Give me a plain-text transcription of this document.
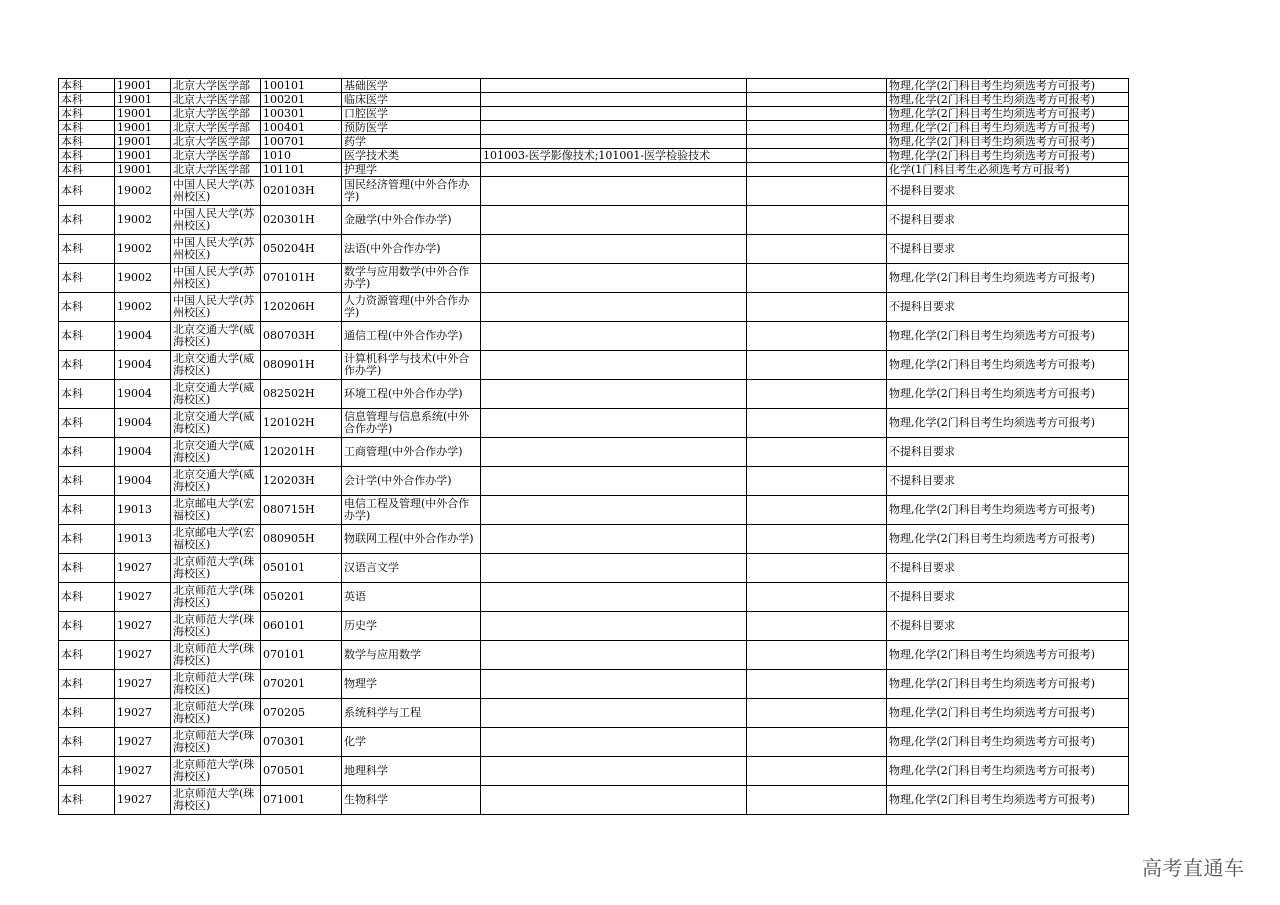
本科	19001	北京大学医学部	100101	基础医学			物理,化学(2门科目考生均须选考方可报考)
本科	19001	北京大学医学部	100201	临床医学			物理,化学(2门科目考生均须选考方可报考)
本科	19001	北京大学医学部	100301	口腔医学			物理,化学(2门科目考生均须选考方可报考)
本科	19001	北京大学医学部	100401	预防医学			物理,化学(2门科目考生均须选考方可报考)
本科	19001	北京大学医学部	100701	药学			物理,化学(2门科目考生均须选考方可报考)
本科	19001	北京大学医学部	1010	医学技术类	101003-医学影像技术;101001-医学检验技术		物理,化学(2门科目考生均须选考方可报考)
本科	19001	北京大学医学部	101101	护理学			化学(1门科目考生必须选考方可报考)
本科	19002	中国人民大学(苏州校区)	020103H	国民经济管理(中外合作办学)			不提科目要求
本科	19002	中国人民大学(苏州校区)	020301H	金融学(中外合作办学)			不提科目要求
本科	19002	中国人民大学(苏州校区)	050204H	法语(中外合作办学)			不提科目要求
本科	19002	中国人民大学(苏州校区)	070101H	数学与应用数学(中外合作办学)			物理,化学(2门科目考生均须选考方可报考)
本科	19002	中国人民大学(苏州校区)	120206H	人力资源管理(中外合作办学)			不提科目要求
本科	19004	北京交通大学(威海校区)	080703H	通信工程(中外合作办学)			物理,化学(2门科目考生均须选考方可报考)
本科	19004	北京交通大学(威海校区)	080901H	计算机科学与技术(中外合作办学)			物理,化学(2门科目考生均须选考方可报考)
本科	19004	北京交通大学(威海校区)	082502H	环境工程(中外合作办学)			物理,化学(2门科目考生均须选考方可报考)
本科	19004	北京交通大学(威海校区)	120102H	信息管理与信息系统(中外合作办学)			物理,化学(2门科目考生均须选考方可报考)
本科	19004	北京交通大学(威海校区)	120201H	工商管理(中外合作办学)			不提科目要求
本科	19004	北京交通大学(威海校区)	120203H	会计学(中外合作办学)			不提科目要求
本科	19013	北京邮电大学(宏福校区)	080715H	电信工程及管理(中外合作办学)			物理,化学(2门科目考生均须选考方可报考)
本科	19013	北京邮电大学(宏福校区)	080905H	物联网工程(中外合作办学)			物理,化学(2门科目考生均须选考方可报考)
本科	19027	北京师范大学(珠海校区)	050101	汉语言文学			不提科目要求
本科	19027	北京师范大学(珠海校区)	050201	英语			不提科目要求
本科	19027	北京师范大学(珠海校区)	060101	历史学			不提科目要求
本科	19027	北京师范大学(珠海校区)	070101	数学与应用数学			物理,化学(2门科目考生均须选考方可报考)
本科	19027	北京师范大学(珠海校区)	070201	物理学			物理,化学(2门科目考生均须选考方可报考)
本科	19027	北京师范大学(珠海校区)	070205	系统科学与工程			物理,化学(2门科目考生均须选考方可报考)
本科	19027	北京师范大学(珠海校区)	070301	化学			物理,化学(2门科目考生均须选考方可报考)
本科	19027	北京师范大学(珠海校区)	070501	地理科学			物理,化学(2门科目考生均须选考方可报考)
本科	19027	北京师范大学(珠海校区)	071001	生物科学			物理,化学(2门科目考生均须选考方可报考)
高考直通车
